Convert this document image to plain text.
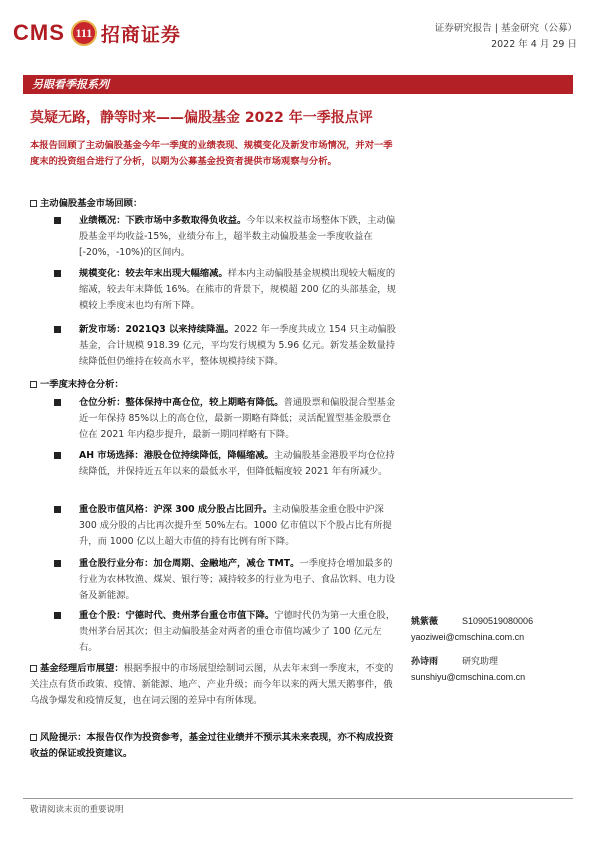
CMS 111 招商证券	证券研究报告 | 基金研究（公募）
2022 年 4 月 29 日
另眼看季报系列
莫疑无路，静等时来——偏股基金 2022 年一季报点评
本报告回顾了主动偏股基金今年一季度的业绩表现、规模变化及新发市场情况，并对一季度末的投资组合进行了分析，以期为公募基金投资者提供市场观察与分析。
主动偏股基金市场回顾：
业绩概况：下跌市场中多数取得负收益。今年以来权益市场整体下跌，主动偏股基金平均收益-15%，业绩分布上，超半数主动偏股基金一季度收益在[-20%，-10%)的区间内。
规模变化：较去年末出现大幅缩减。样本内主动偏股基金规模出现较大幅度的缩减，较去年末降低 16%。在熊市的背景下，规模超 200 亿的头部基金，规模较上季度末也均有所下降。
新发市场：2021Q3 以来持续降温。2022 年一季度共成立 154 只主动偏股基金，合计规模 918.39 亿元，平均发行规模为 5.96 亿元。新发基金数量持续降低但仍维持在较高水平，整体规模持续下降。
一季度末持仓分析：
仓位分析：整体保持中高仓位，较上期略有降低。普通股票和偏股混合型基金近一年保持 85%以上的高仓位，最新一期略有降低；灵活配置型基金股票仓位在 2021 年内稳步提升，最新一期同样略有下降。
AH 市场选择：港股仓位持续降低，降幅缩减。主动偏股基金港股平均仓位持续降低，并保持近五年以来的最低水平，但降低幅度较 2021 年有所减少。
重仓股市值风格：沪深 300 成分股占比回升。主动偏股基金重仓股中沪深 300 成分股的占比再次提升至 50%左右。1000 亿市值以下个股占比有所提升，而 1000 亿以上超大市值的持有比例有所下降。
重仓股行业分布：加仓周期、金融地产，减仓 TMT。一季度持仓增加最多的行业为农林牧渔、煤炭、银行等；减持较多的行业为电子、食品饮料、电力设备及新能源。
重仓个股：宁德时代、贵州茅台重仓市值下降。宁德时代仍为第一大重仓股，贵州茅台居其次；但主动偏股基金对两者的重仓市值均减少了 100 亿元左右。
基金经理后市展望：根据季报中的市场展望绘制词云图，从去年末到一季度末，不变的关注点有货币政策、疫情、新能源、地产、产业升级；而今年以来的两大黑天鹅事件，俄乌战争爆发和疫情反复，也在词云图的差异中有所体现。
风险提示：本报告仅作为投资参考，基金过往业绩并不预示其未来表现，亦不构成投资收益的保证或投资建议。
姚紫薇	S1090519080006
yaoziwei@cmschina.com.cn
孙诗雨	研究助理
sunshiyu@cmschina.com.cn
敬请阅读末页的重要说明
